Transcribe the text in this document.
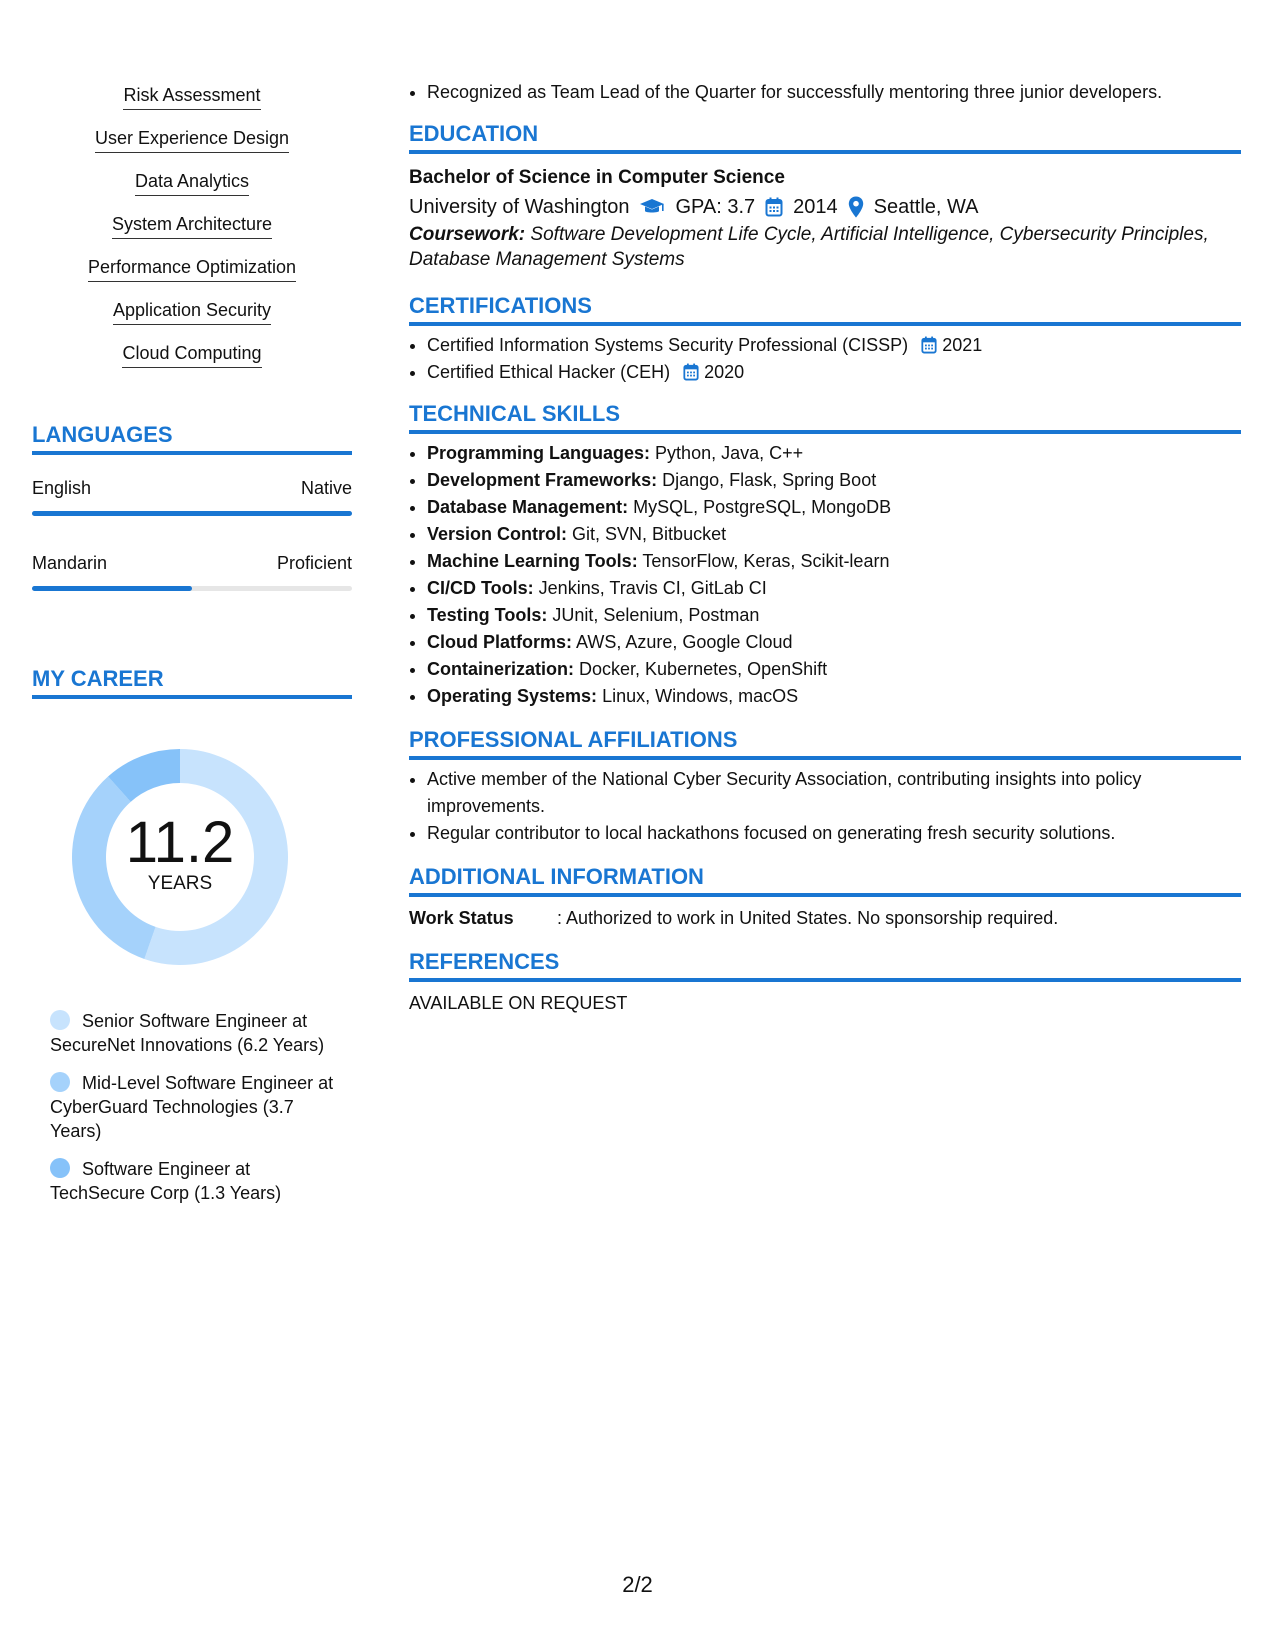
Risk Assessment
User Experience Design
Data Analytics
System Architecture
Performance Optimization
Application Security
Cloud Computing
LANGUAGES
English	Native
Mandarin	Proficient
MY CAREER
11.2
YEARS
Senior Software Engineer at SecureNet Innovations (6.2 Years)
Mid-Level Software Engineer at CyberGuard Technologies (3.7 Years)
Software Engineer at TechSecure Corp (1.3 Years)
• Recognized as Team Lead of the Quarter for successfully mentoring three junior developers.
EDUCATION
Bachelor of Science in Computer Science
University of Washington GPA: 3.7 2014 Seattle, WA
Coursework: Software Development Life Cycle, Artificial Intelligence, Cybersecurity Principles, Database Management Systems
CERTIFICATIONS
• Certified Information Systems Security Professional (CISSP) 2021
• Certified Ethical Hacker (CEH) 2020
TECHNICAL SKILLS
• Programming Languages: Python, Java, C++
• Development Frameworks: Django, Flask, Spring Boot
• Database Management: MySQL, PostgreSQL, MongoDB
• Version Control: Git, SVN, Bitbucket
• Machine Learning Tools: TensorFlow, Keras, Scikit-learn
• CI/CD Tools: Jenkins, Travis CI, GitLab CI
• Testing Tools: JUnit, Selenium, Postman
• Cloud Platforms: AWS, Azure, Google Cloud
• Containerization: Docker, Kubernetes, OpenShift
• Operating Systems: Linux, Windows, macOS
PROFESSIONAL AFFILIATIONS
• Active member of the National Cyber Security Association, contributing insights into policy improvements.
• Regular contributor to local hackathons focused on generating fresh security solutions.
ADDITIONAL INFORMATION
Work Status	: Authorized to work in United States. No sponsorship required.
REFERENCES
AVAILABLE ON REQUEST
2/2
